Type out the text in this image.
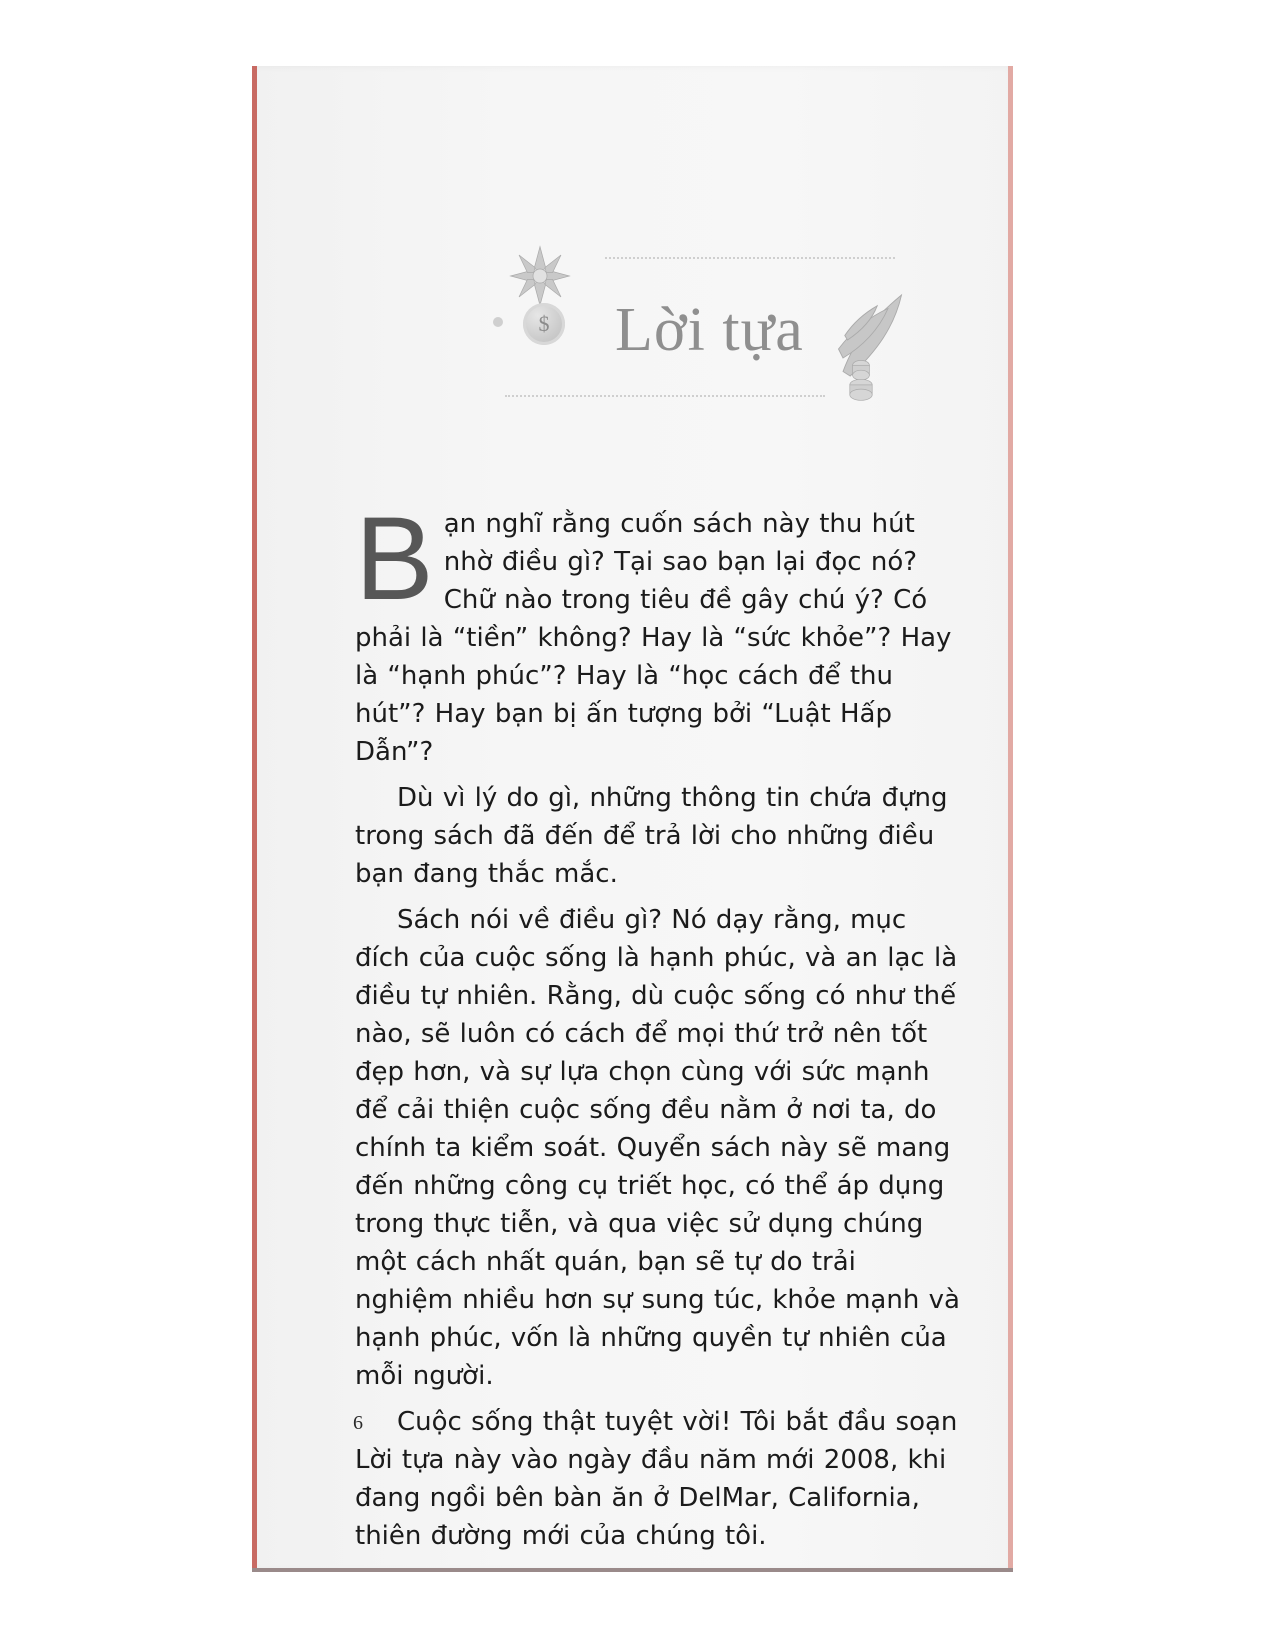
$ Lời tựa

B ạn nghĩ rằng cuốn sách này thu hút nhờ điều gì? Tại sao bạn lại đọc nó? Chữ nào trong tiêu đề gây chú ý? Có phải là “tiền” không? Hay là “sức khỏe”? Hay là “hạnh phúc”? Hay là “học cách để thu hút”? Hay bạn bị ấn tượng bởi “Luật Hấp Dẫn”?

Dù vì lý do gì, những thông tin chứa đựng trong sách đã đến để trả lời cho những điều bạn đang thắc mắc.

Sách nói về điều gì? Nó dạy rằng, mục đích của cuộc sống là hạnh phúc, và an lạc là điều tự nhiên. Rằng, dù cuộc sống có như thế nào, sẽ luôn có cách để mọi thứ trở nên tốt đẹp hơn, và sự lựa chọn cùng với sức mạnh để cải thiện cuộc sống đều nằm ở nơi ta, do chính ta kiểm soát. Quyển sách này sẽ mang đến những công cụ triết học, có thể áp dụng trong thực tiễn, và qua việc sử dụng chúng một cách nhất quán, bạn sẽ tự do trải nghiệm nhiều hơn sự sung túc, khỏe mạnh và hạnh phúc, vốn là những quyền tự nhiên của mỗi người.

Cuộc sống thật tuyệt vời! Tôi bắt đầu soạn Lời tựa này vào ngày đầu năm mới 2008, khi đang ngồi bên bàn ăn ở DelMar, California, thiên đường mới của chúng tôi.

6
